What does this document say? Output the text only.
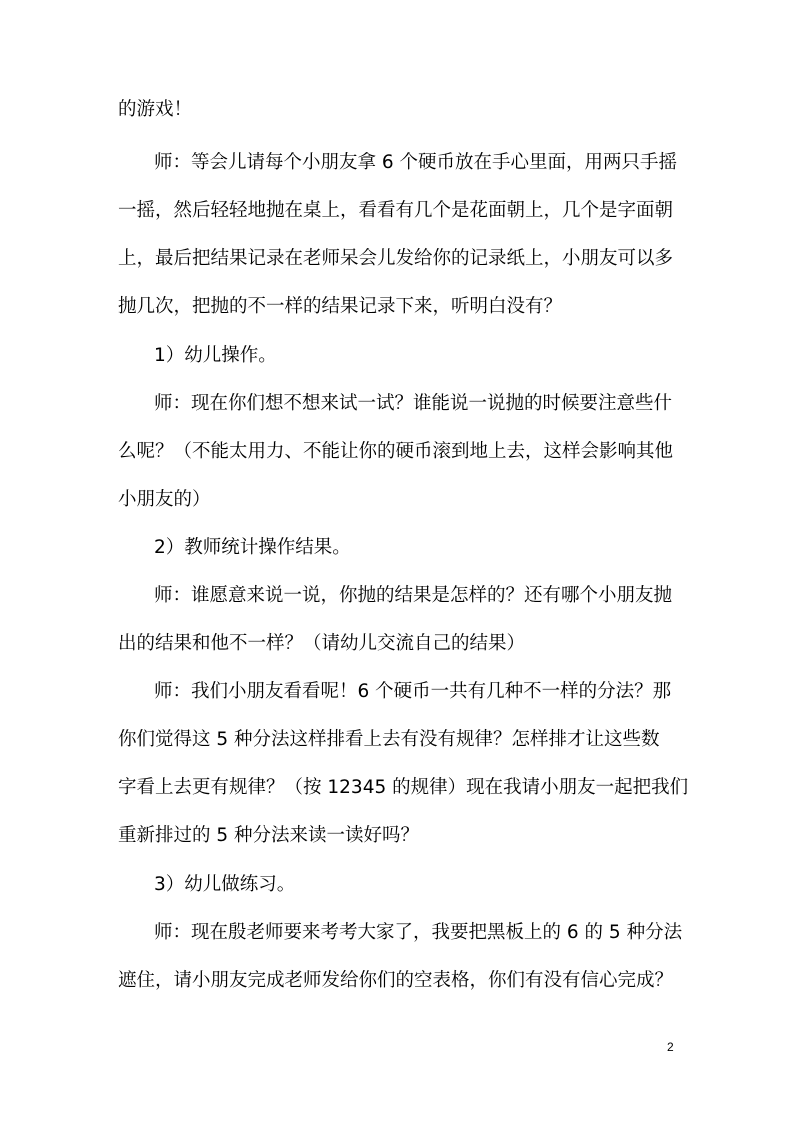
的游戏！
师：等会儿请每个小朋友拿 6 个硬币放在手心里面，用两只手摇
一摇，然后轻轻地抛在桌上，看看有几个是花面朝上，几个是字面朝
上，最后把结果记录在老师呆会儿发给你的记录纸上，小朋友可以多
抛几次，把抛的不一样的结果记录下来，听明白没有？
1）幼儿操作。
师：现在你们想不想来试一试？谁能说一说抛的时候要注意些什
么呢？（不能太用力、不能让你的硬币滚到地上去，这样会影响其他
小朋友的）
2）教师统计操作结果。
师：谁愿意来说一说，你抛的结果是怎样的？还有哪个小朋友抛
出的结果和他不一样？（请幼儿交流自己的结果）
师：我们小朋友看看呢！6 个硬币一共有几种不一样的分法？那
你们觉得这 5 种分法这样排看上去有没有规律？怎样排才让这些数
字看上去更有规律？（按 12345 的规律）现在我请小朋友一起把我们
重新排过的 5 种分法来读一读好吗？
3）幼儿做练习。
师：现在殷老师要来考考大家了，我要把黑板上的 6 的 5 种分法
遮住，请小朋友完成老师发给你们的空表格，你们有没有信心完成？
2
